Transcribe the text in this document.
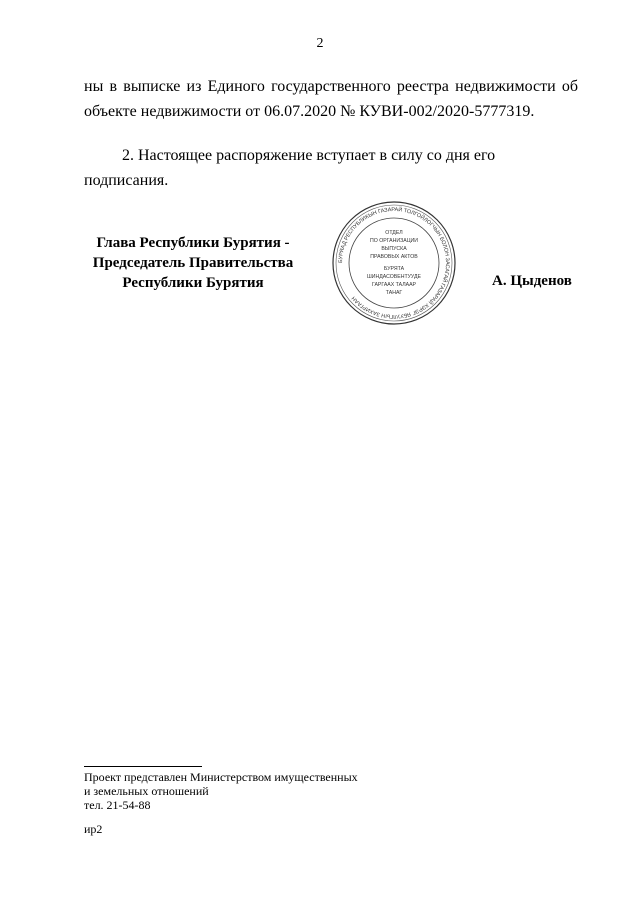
2

ны в выписке из Единого государственного реестра недвижимости об

объекте недвижимости от 06.07.2020 № КУВИ-002/2020-5777319.

2. Настоящее распоряжение вступает в силу со дня его подписания.

Глава Республики Бурятия -
Председатель Правительства
Республики Бурятия
БУРЯАД РЕСПУБЛИКЫН ГАЗАРАЙ ТОЛГОЙЛОГЧЫН БОЛОН ЗАСАГАЙ ГАЗАРАЙ ХЭРЭГ ЯБУУЛГЫН ЗАХИРГААН
ОТДЕЛ
ПО ОРГАНИЗАЦИИ
ВЫПУСКА
ПРАВОВЫХ АКТОВ
БУРЯТА
ШИНДАСОВЕНТУУДЕ
ГАРГААХ ТАЛААР
ТАНАГ
А. Цыденов
Проект представлен Министерством имущественных
и земельных отношений
тел. 21-54-88
ир2
